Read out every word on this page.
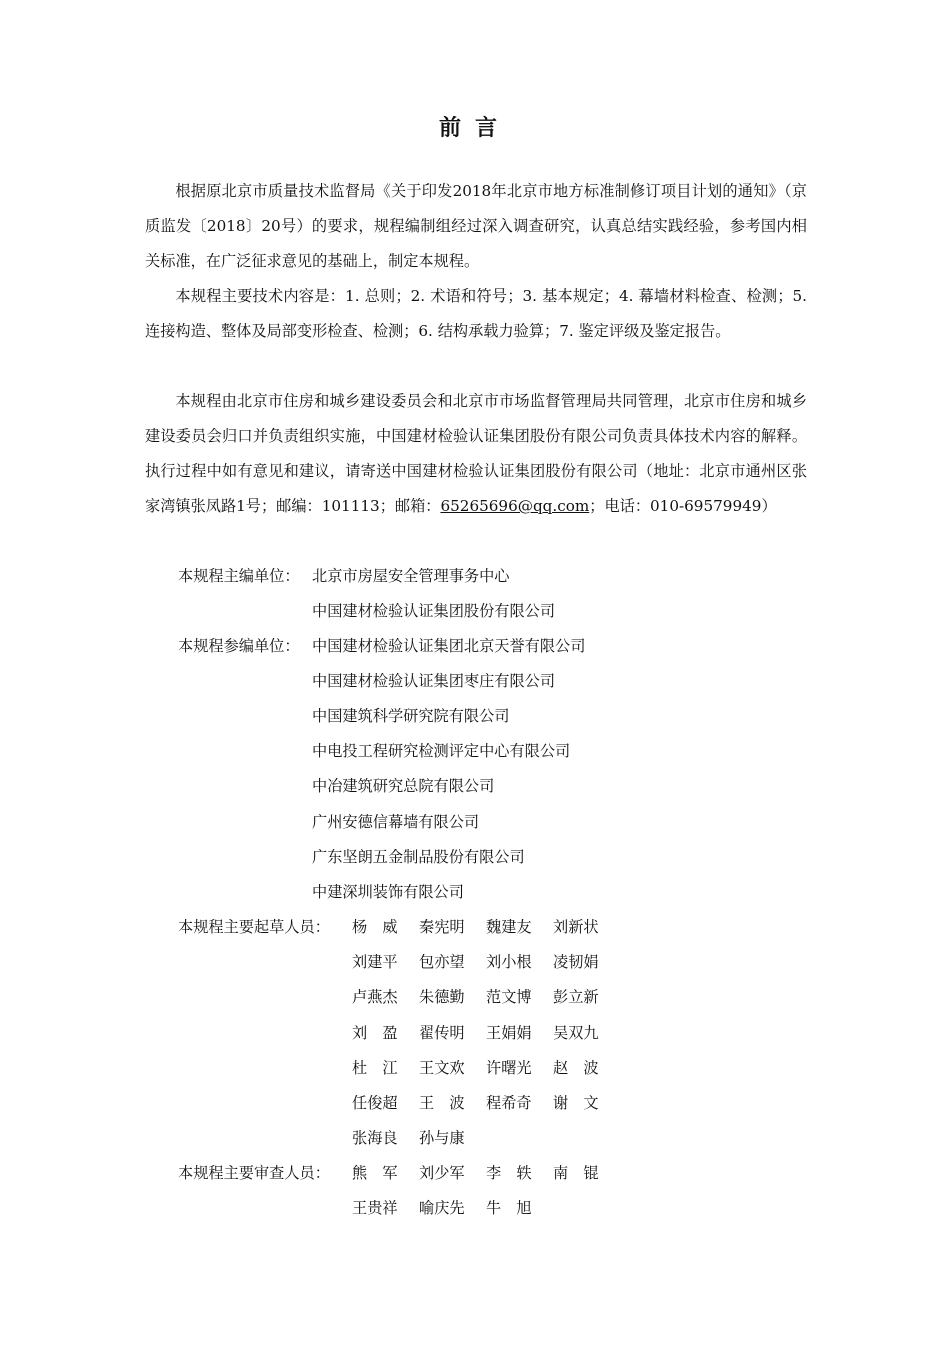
前言

根据原北京市质量技术监督局《关于印发2018年北京市地方标准制修订项目计划的通知》（京质监发〔2018〕20号）的要求，规程编制组经过深入调查研究，认真总结实践经验，参考国内相关标准，在广泛征求意见的基础上，制定本规程。

本规程主要技术内容是：1. 总则；2. 术语和符号；3. 基本规定；4. 幕墙材料检查、检测；5. 连接构造、整体及局部变形检查、检测；6. 结构承载力验算；7. 鉴定评级及鉴定报告。

本规程由北京市住房和城乡建设委员会和北京市市场监督管理局共同管理，北京市住房和城乡建设委员会归口并负责组织实施，中国建材检验认证集团股份有限公司负责具体技术内容的解释。执行过程中如有意见和建议，请寄送中国建材检验认证集团股份有限公司（地址：北京市通州区张家湾镇张凤路1号；邮编：101113；邮箱：65265696@qq.com；电话：010-69579949）

本规程主编单位： 北京市房屋安全管理事务中心
中国建材检验认证集团股份有限公司
本规程参编单位： 中国建材检验认证集团北京天誉有限公司
中国建材检验认证集团枣庄有限公司
中国建筑科学研究院有限公司
中电投工程研究检测评定中心有限公司
中冶建筑研究总院有限公司
广州安德信幕墙有限公司
广东坚朗五金制品股份有限公司
中建深圳装饰有限公司
本规程主要起草人员： 杨　威 秦宪明 魏建友 刘新状
刘建平 包亦望 刘小根 凌韧娟
卢燕杰 朱德勤 范文博 彭立新
刘　盈 翟传明 王娟娟 吴双九
杜　江 王文欢 许曙光 赵　波
任俊超 王　波 程希奇 谢　文
张海良 孙与康
本规程主要审查人员： 熊　军 刘少军 李　轶 南　锟
王贵祥 喻庆先 牛　旭
